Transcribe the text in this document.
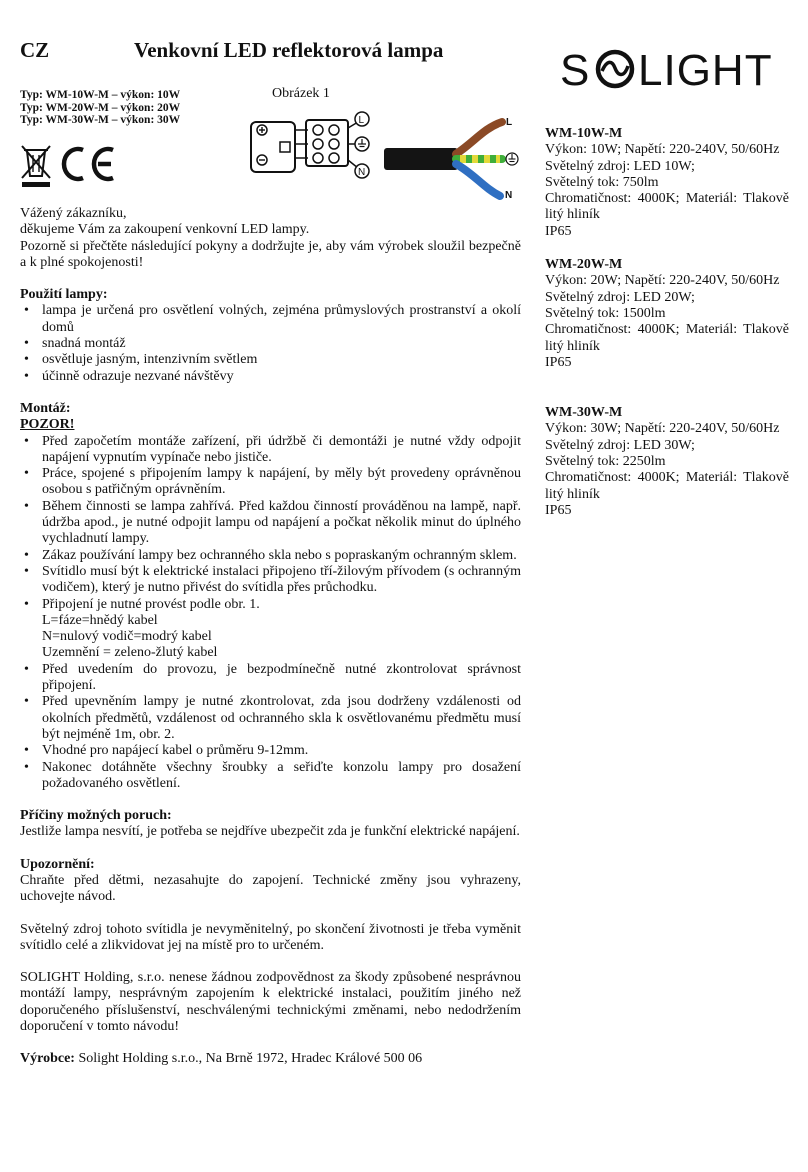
CZ	Venkovní LED reflektorová lampa
Typ: WM-10W-M – výkon: 10W
Typ: WM-20W-M – výkon: 20W
Typ: WM-30W-M – výkon: 30W
Obrázek 1	S LIGHT
L
N
L
N

Vážený zákazníku,

děkujeme Vám za zakoupení venkovní LED lampy.

Pozorně si přečtěte následující pokyny a dodržujte je, aby vám výrobek sloužil bezpečně a k plné spokojenosti!

Použití lampy:
• lampa je určená pro osvětlení volných, zejména průmyslových prostranství a okolí domů
• snadná montáž
• osvětluje jasným, intenzivním světlem
• účinně odrazuje nezvané návštěvy
Montáž:
POZOR!
• Před započetím montáže zařízení, při údržbě či demontáži je nutné vždy odpojit napájení vypnutím vypínače nebo jističe.
• Práce, spojené s připojením lampy k napájení, by měly být provedeny oprávněnou osobou s patřičným oprávněním.
• Během činnosti se lampa zahřívá. Před každou činností prováděnou na lampě, např. údržba apod., je nutné odpojit lampu od napájení a počkat několik minut do úplného vychladnutí lampy.
• Zákaz používání lampy bez ochranného skla nebo s popraskaným ochranným sklem.
• Svítidlo musí být k elektrické instalaci připojeno tří-žilovým přívodem (s ochranným vodičem), který je nutno přivést do svítidla přes průchodku.
• Připojení je nutné provést podle obr. 1.
L=fáze=hnědý kabel
N=nulový vodič=modrý kabel
Uzemnění = zeleno-žlutý kabel
• Před uvedením do provozu, je bezpodmínečně nutné zkontrolovat správnost připojení.
• Před upevněním lampy je nutné zkontrolovat, zda jsou dodrženy vzdálenosti od okolních předmětů, vzdálenost od ochranného skla k osvětlovanému předmětu musí být nejméně 1m, obr. 2.
• Vhodné pro napájecí kabel o průměru 9-12mm.
• Nakonec dotáhněte všechny šroubky a seřiďte konzolu lampy pro dosažení požadovaného osvětlení.
Příčiny možných poruch:

Jestliže lampa nesvítí, je potřeba se nejdříve ubezpečit zda je funkční elektrické napájení.

Upozornění:

Chraňte před dětmi, nezasahujte do zapojení. Technické změny jsou vyhrazeny, uchovejte návod.

Světelný zdroj tohoto svítidla je nevyměnitelný, po skončení životnosti je třeba vyměnit svítidlo celé a zlikvidovat jej na místě pro to určeném.

SOLIGHT Holding, s.r.o. nenese žádnou zodpovědnost za škody způsobené nesprávnou montáží lampy, nesprávným zapojením k elektrické instalaci, použitím jiného než doporučeného příslušenství, neschválenými technickými změnami, nebo nedodržením doporučení v tomto návodu!

Výrobce: Solight Holding s.r.o., Na Brně 1972, Hradec Králové 500 06

WM-10W-M

Výkon: 10W; Napětí: 220-240V, 50/60Hz

Světelný zdroj: LED 10W;

Světelný tok: 750lm

Chromatičnost: 4000K; Materiál: Tlakově litý hliník

IP65

WM-20W-M

Výkon: 20W; Napětí: 220-240V, 50/60Hz

Světelný zdroj: LED 20W;

Světelný tok: 1500lm

Chromatičnost: 4000K; Materiál: Tlakově litý hliník

IP65

WM-30W-M

Výkon: 30W; Napětí: 220-240V, 50/60Hz

Světelný zdroj: LED 30W;

Světelný tok: 2250lm

Chromatičnost: 4000K; Materiál: Tlakově litý hliník

IP65
